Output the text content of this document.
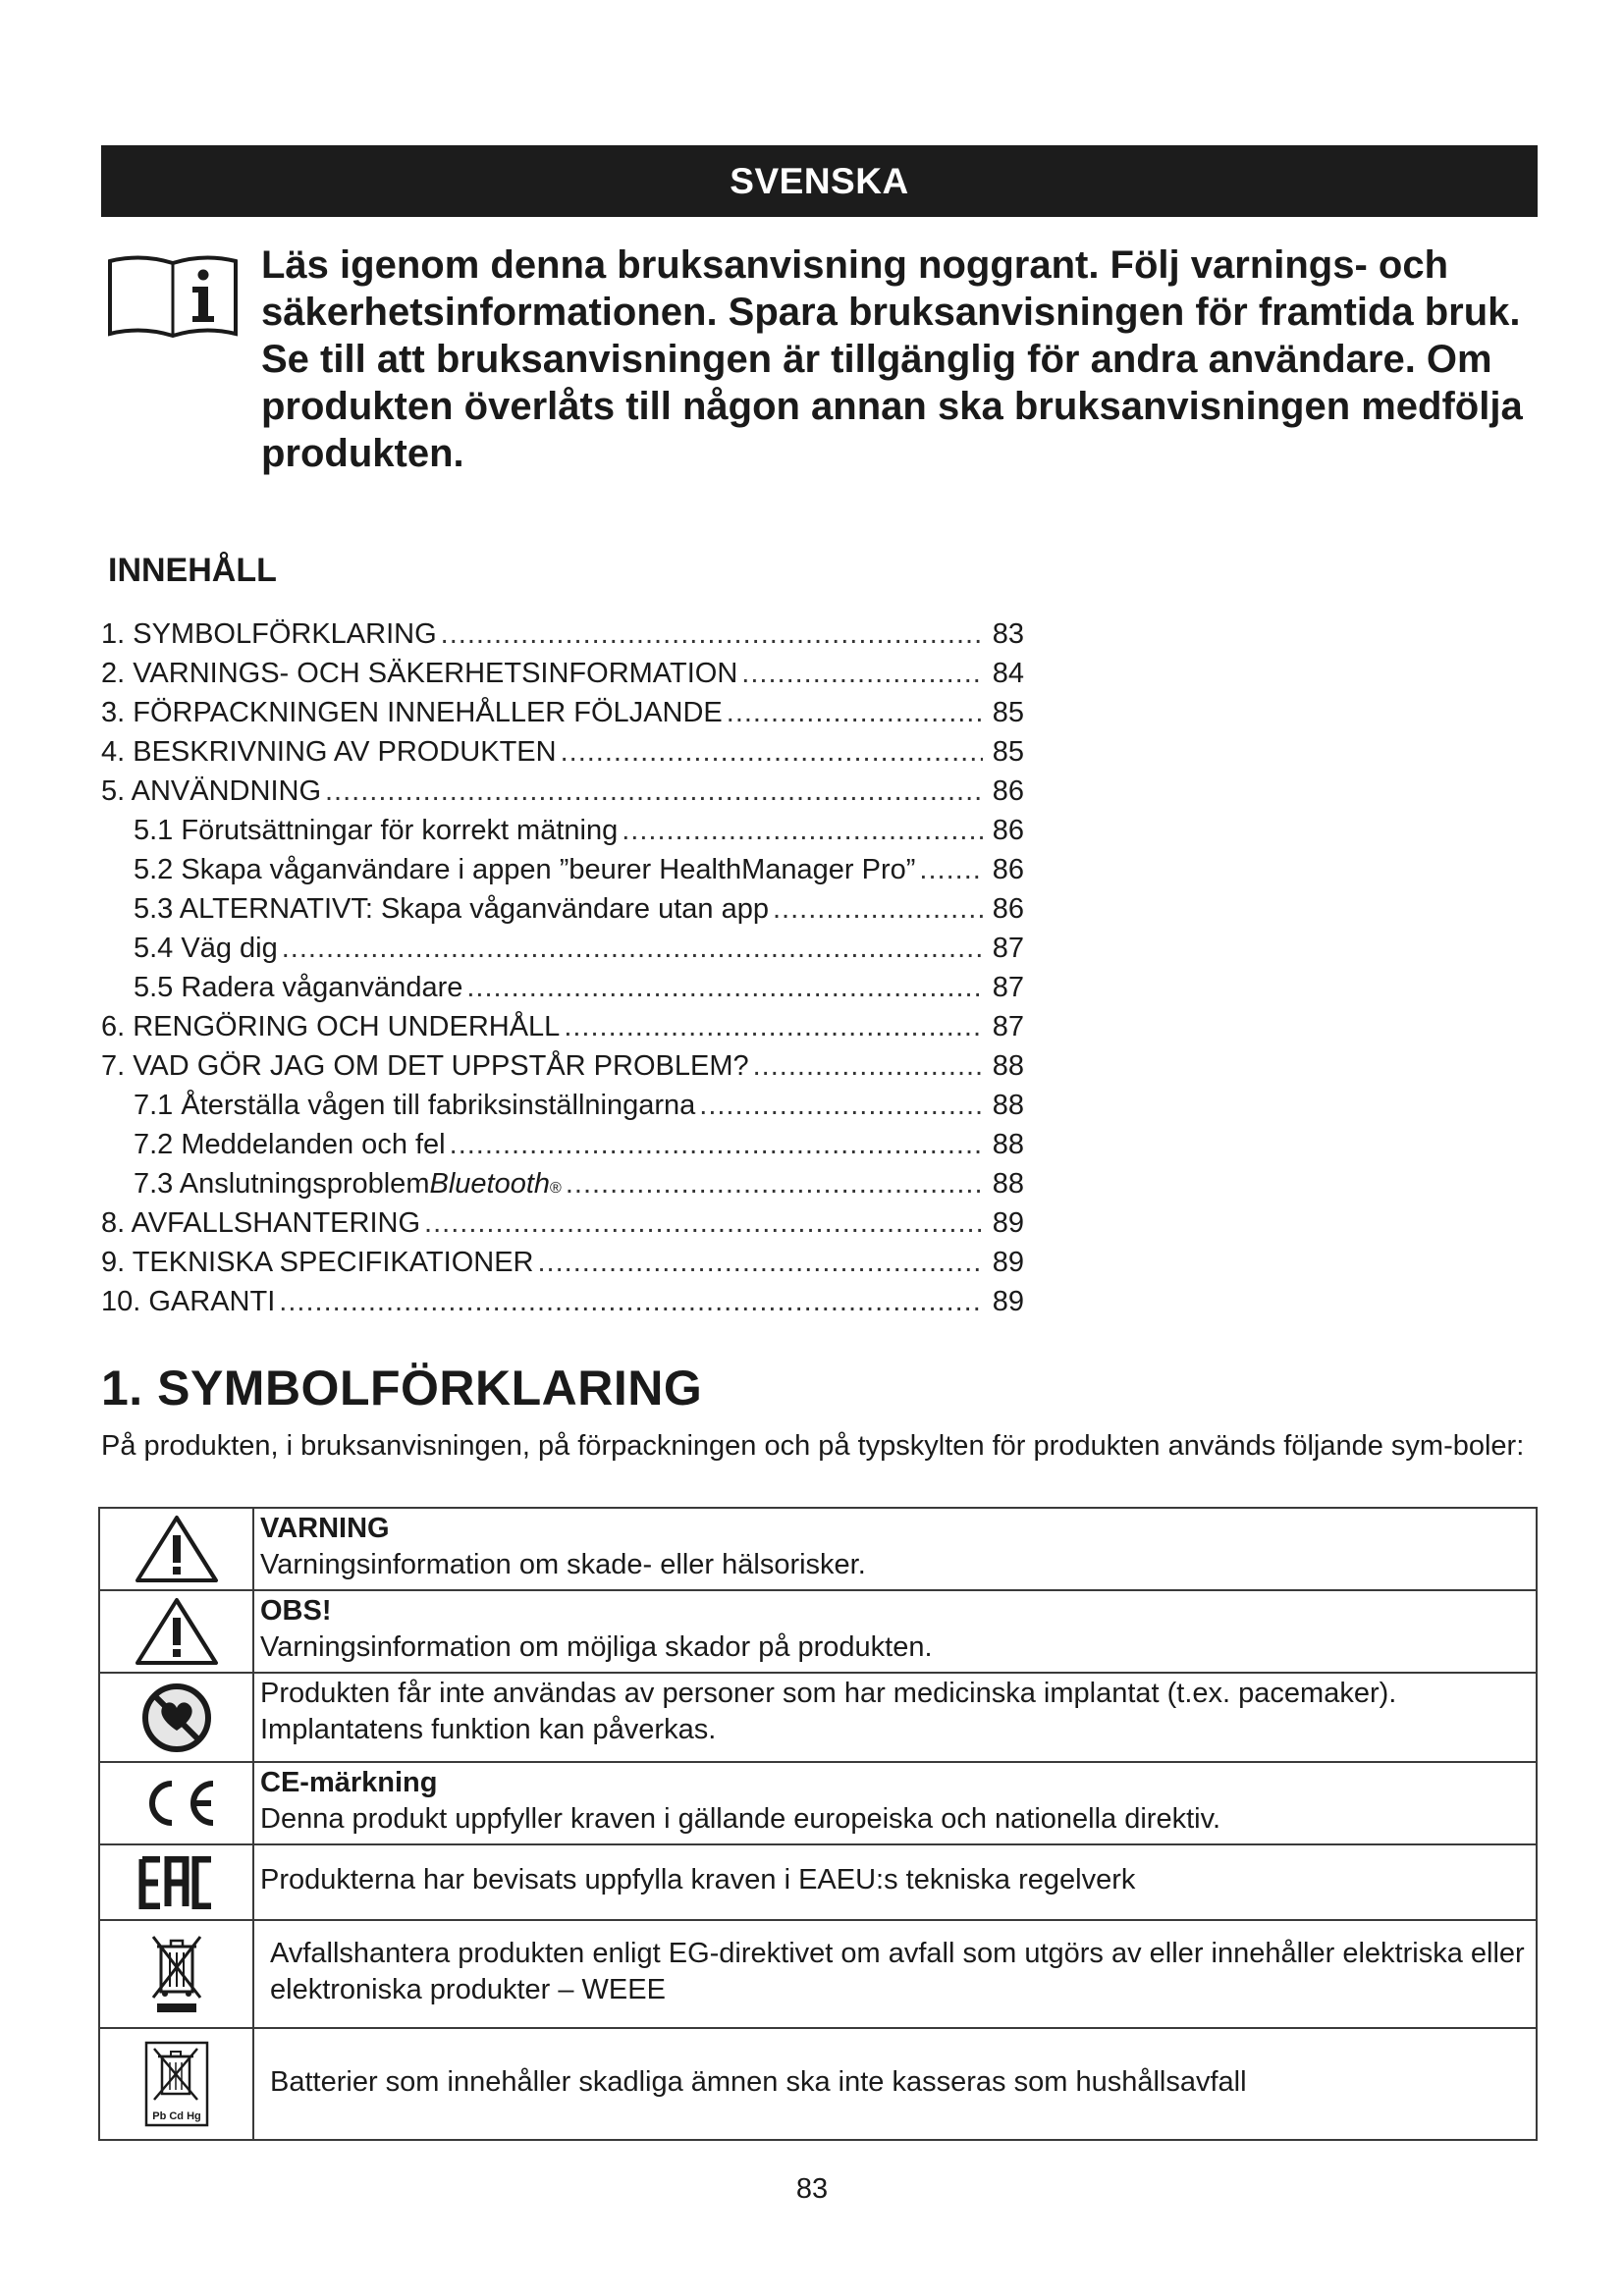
SVENSKA
Läs igenom denna bruksanvisning noggrant. Följ varnings- och säkerhetsinformationen. Spara bruksanvisningen för framtida bruk. Se till att bruksanvisningen är tillgänglig för andra användare. Om produkten överlåts till någon annan ska bruksanvisningen medfölja produkten.
INNEHÅLL
1. SYMBOLFÖRKLARING .....	83
2. VARNINGS- OCH SÄKERHETSINFORMATION .....	84
3. FÖRPACKNINGEN INNEHÅLLER FÖLJANDE .....	85
4. BESKRIVNING AV PRODUKTEN .....	85
5. ANVÄNDNING .....	86
5.1 Förutsättningar för korrekt mätning .....	86
5.2 Skapa våganvändare i appen ”beurer HealthManager Pro” .....	86
5.3 ALTERNATIVT: Skapa våganvändare utan app .....	86
5.4 Väg dig .....	87
5.5 Radera våganvändare .....	87
6. RENGÖRING OCH UNDERHÅLL .....	87
7. VAD GÖR JAG OM DET UPPSTÅR PROBLEM? .....	88
7.1 Återställa vågen till fabriksinställningarna .....	88
7.2 Meddelanden och fel .....	88
7.3 Anslutningsproblem Bluetooth ® .....	88
8. AVFALLSHANTERING .....	89
9. TEKNISKA SPECIFIKATIONER .....	89
10. GARANTI .....	89
1. SYMBOLFÖRKLARING
På produkten, i bruksanvisningen, på förpackningen och på typskylten för produkten används följande sym-boler:

VARNING
Varningsinformation om skade- eller hälsorisker.

OBS!
Varningsinformation om möjliga skador på produkten.

Produkten får inte användas av personer som har medicinska implantat (t.ex. pacemaker). Implantatens funktion kan påverkas.

CE-märkning
Denna produkt uppfyller kraven i gällande europeiska och nationella direktiv.

Produkterna har bevisats uppfylla kraven i EAEU:s tekniska regelverk

Avfallshantera produkten enligt EG-direktivet om avfall som utgörs av eller innehåller elektriska eller elektroniska produkter – WEEE

Pb Cd Hg	Batterier som innehåller skadliga ämnen ska inte kasseras som hushållsavfall
83
